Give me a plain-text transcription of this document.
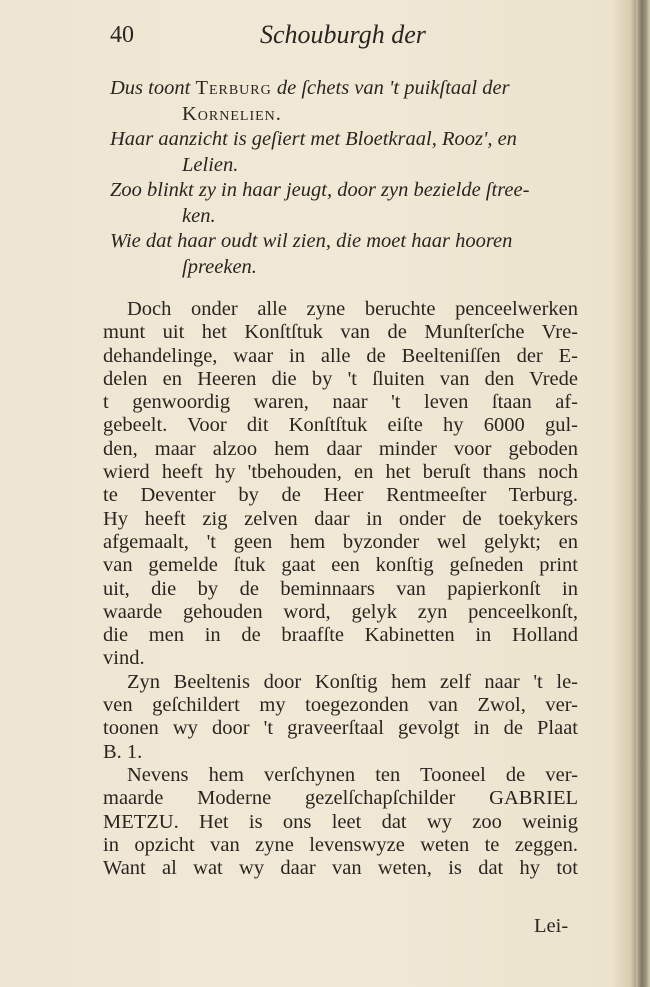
40	Schouburgh der
Dus toont Terburg de ſchets van 't puikſtaal der
Kornelien.
Haar aanzicht is geſiert met Bloetkraal, Rooz', en
Lelien.
Zoo blinkt zy in haar jeugt, door zyn bezielde ſtree-
ken.
Wie dat haar oudt wil zien, die moet haar hooren
ſpreeken.
Doch onder alle zyne beruchte penceelwerken
munt uit het Konſtſtuk van de Munſterſche Vre-
dehandelinge, waar in alle de Beelteniſſen der E-
delen en Heeren die by 't ſluiten van den Vrede
t genwoordig waren, naar 't leven ſtaan af-
gebeelt. Voor dit Konſtſtuk eiſte hy 6000 gul-
den, maar alzoo hem daar minder voor geboden
wierd heeft hy 'tbehouden, en het beruſt thans noch
te Deventer by de Heer Rentmeeſter Terburg.
Hy heeft zig zelven daar in onder de toekykers
afgemaalt, 't geen hem byzonder wel gelykt; en
van gemelde ſtuk gaat een konſtig geſneden print
uit, die by de beminnaars van papierkonſt in
waarde gehouden word, gelyk zyn penceelkonſt,
die men in de braafſte Kabinetten in Holland
vind.
Zyn Beeltenis door Konſtig hem zelf naar 't le-
ven geſchildert my toegezonden van Zwol, ver-
toonen wy door 't graveerſtaal gevolgt in de Plaat
B. 1.
Nevens hem verſchynen ten Tooneel de ver-
maarde Moderne gezelſchapſchilder GABRIEL
METZU. Het is ons leet dat wy zoo weinig
in opzicht van zyne levenswyze weten te zeggen.
Want al wat wy daar van weten, is dat hy tot
Lei-
